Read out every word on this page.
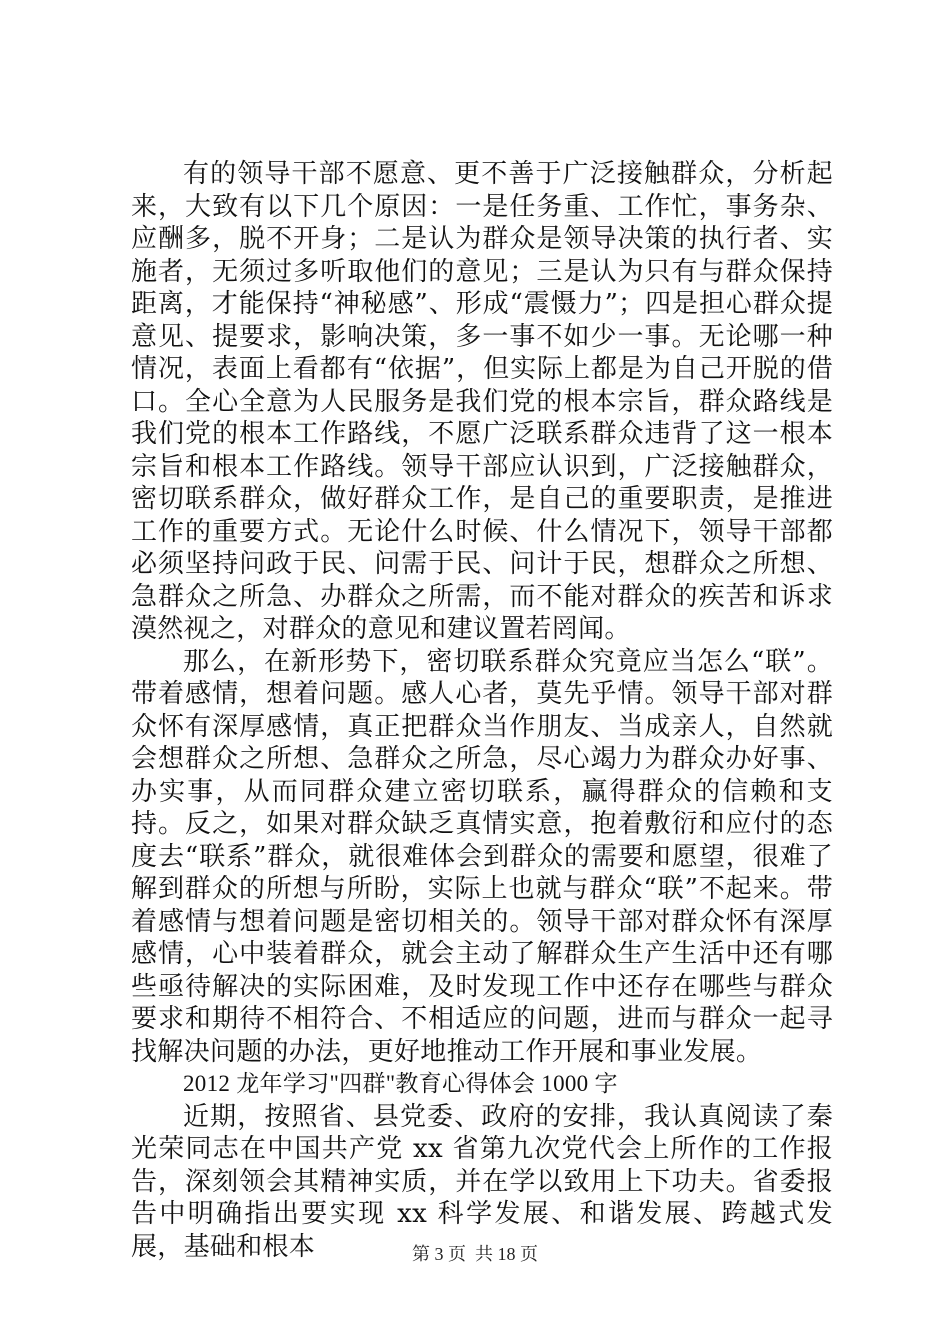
有的领导干部不愿意、更不善于广泛接触群众，分析起来，大致有以下几个原因：一是任务重、工作忙，事务杂、应酬多，脱不开身；二是认为群众是领导决策的执行者、实施者，无须过多听取他们的意见；三是认为只有与群众保持距离，才能保持“神秘感”、形成“震慑力”；四是担心群众提意见、提要求，影响决策，多一事不如少一事。无论哪一种情况，表面上看都有“依据”，但实际上都是为自己开脱的借口。全心全意为人民服务是我们党的根本宗旨，群众路线是我们党的根本工作路线，不愿广泛联系群众违背了这一根本宗旨和根本工作路线。领导干部应认识到，广泛接触群众，密切联系群众，做好群众工作，是自己的重要职责，是推进工作的重要方式。无论什么时候、什么情况下，领导干部都必须坚持问政于民、问需于民、问计于民，想群众之所想、急群众之所急、办群众之所需，而不能对群众的疾苦和诉求漠然视之，对群众的意见和建议置若罔闻。

那么，在新形势下，密切联系群众究竟应当怎么“联”。带着感情，想着问题。感人心者，莫先乎情。领导干部对群众怀有深厚感情，真正把群众当作朋友、当成亲人，自然就会想群众之所想、急群众之所急，尽心竭力为群众办好事、办实事，从而同群众建立密切联系，赢得群众的信赖和支持。反之，如果对群众缺乏真情实意，抱着敷衍和应付的态度去“联系”群众，就很难体会到群众的需要和愿望，很难了解到群众的所想与所盼，实际上也就与群众“联”不起来。带着感情与想着问题是密切相关的。领导干部对群众怀有深厚感情，心中装着群众，就会主动了解群众生产生活中还有哪些亟待解决的实际困难，及时发现工作中还存在哪些与群众要求和期待不相符合、不相适应的问题，进而与群众一起寻找解决问题的办法，更好地推动工作开展和事业发展。

2012 龙年学习"四群"教育心得体会 1000 字

近期，按照省、县党委、政府的安排，我认真阅读了秦光荣同志在中国共产党 xx 省第九次党代会上所作的工作报告，深刻领会其精神实质，并在学以致用上下功夫。省委报告中明确指出要实现 xx 科学发展、和谐发展、跨越式发展，基础和根本	第 3 页  共 18 页
